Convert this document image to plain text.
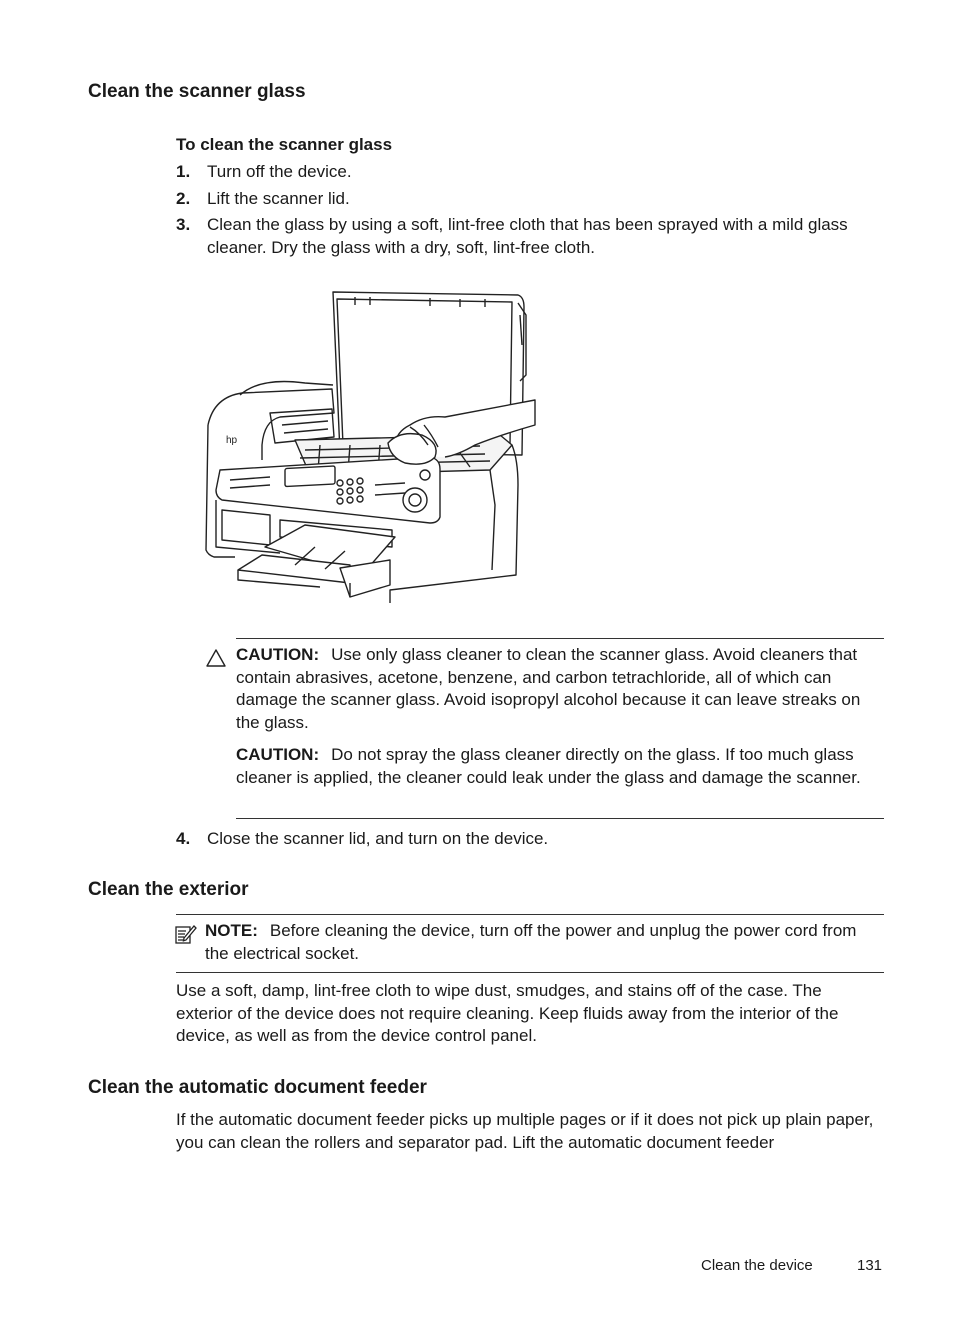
Clean the scanner glass
To clean the scanner glass
1. Turn off the device.
2. Lift the scanner lid.
3. Clean the glass by using a soft, lint-free cloth that has been sprayed with a mild glass cleaner. Dry the glass with a dry, soft, lint-free cloth.
hp
CAUTION: Use only glass cleaner to clean the scanner glass. Avoid cleaners that contain abrasives, acetone, benzene, and carbon tetrachloride, all of which can damage the scanner glass. Avoid isopropyl alcohol because it can leave streaks on the glass.
CAUTION: Do not spray the glass cleaner directly on the glass. If too much glass cleaner is applied, the cleaner could leak under the glass and damage the scanner.
4. Close the scanner lid, and turn on the device.
Clean the exterior
NOTE: Before cleaning the device, turn off the power and unplug the power cord from the electrical socket.
Use a soft, damp, lint-free cloth to wipe dust, smudges, and stains off of the case. The exterior of the device does not require cleaning. Keep fluids away from the interior of the device, as well as from the device control panel.
Clean the automatic document feeder
If the automatic document feeder picks up multiple pages or if it does not pick up plain paper, you can clean the rollers and separator pad. Lift the automatic document feeder
Clean the device	131
